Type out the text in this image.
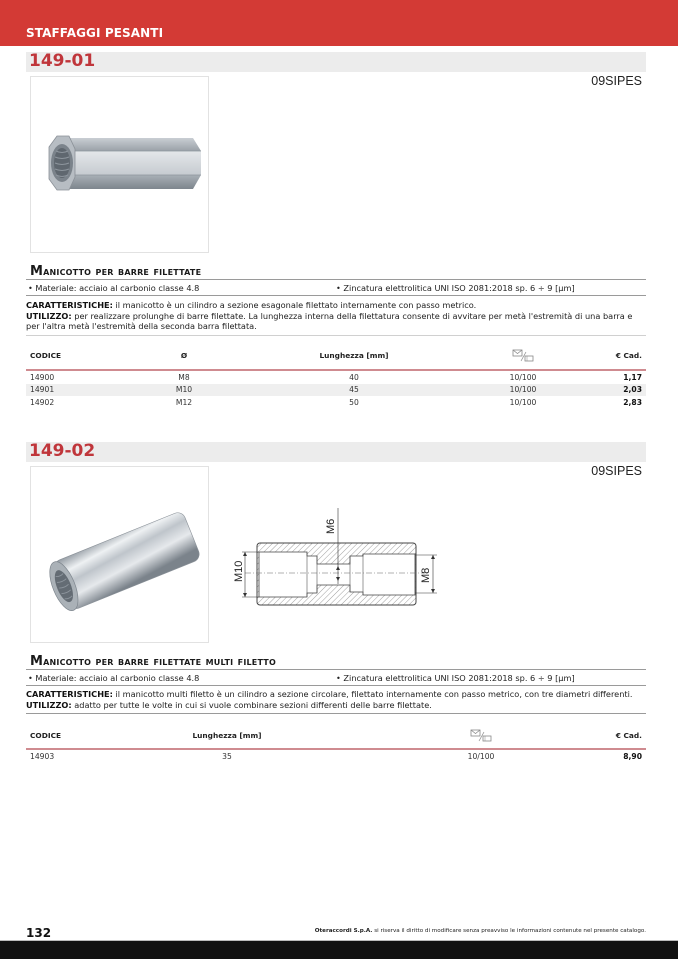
STAFFAGGI PESANTI
149-01
09SIPES
Manicotto per barre filettate
• Materiale: acciaio al carbonio classe 4.8	• Zincatura elettrolitica UNI ISO 2081:2018 sp. 6 ÷ 9 [µm]
CARATTERISTICHE: il manicotto è un cilindro a sezione esagonale filettato internamente con passo metrico.
UTILIZZO: per realizzare prolunghe di barre filettate. La lunghezza interna della filettatura consente di avvitare per metà l'estremità di una barra e per l'altra metà l'estremità della seconda barra filettata.
CODICE	Ø	Lunghezza [mm]	€ Cad.
14900	M8	40	10/100	1,17
14901	M10	45	10/100	2,03
14902	M12	50	10/100	2,83
149-02
09SIPES
M10
M6
M8
Manicotto per barre filettate multi filetto
• Materiale: acciaio al carbonio classe 4.8	• Zincatura elettrolitica UNI ISO 2081:2018 sp. 6 ÷ 9 [µm]
CARATTERISTICHE: il manicotto multi filetto è un cilindro a sezione circolare, filettato internamente con passo metrico, con tre diametri differenti.
UTILIZZO: adatto per tutte le volte in cui si vuole combinare sezioni differenti delle barre filettate.
CODICE	Lunghezza [mm]	€ Cad.
14903	35	10/100	8,90
132	Oteraccordi S.p.A. si riserva il diritto di modificare senza preavviso le informazioni contenute nel presente catalogo.
